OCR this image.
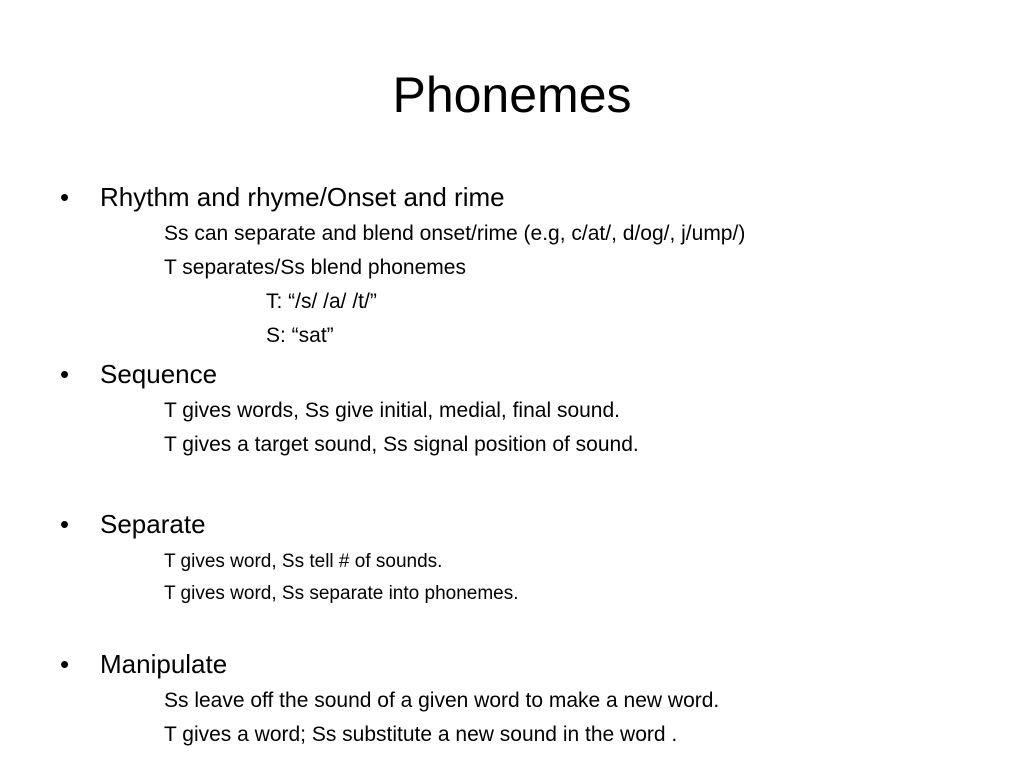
Phonemes
•	Rhythm and rhyme/Onset and rime
Ss can separate and blend onset/rime (e.g, c/at/, d/og/, j/ump/)
T separates/Ss blend phonemes
T: “/s/ /a/ /t/”
S: “sat”
•	Sequence
T gives words, Ss give initial, medial, final sound.
T gives a target sound, Ss signal position of sound.
•	Separate
T gives word, Ss tell # of sounds.
T gives word, Ss separate into phonemes.
•	Manipulate
Ss leave off the sound of a given word to make a new word.
T gives a word; Ss substitute a new sound in the word .
